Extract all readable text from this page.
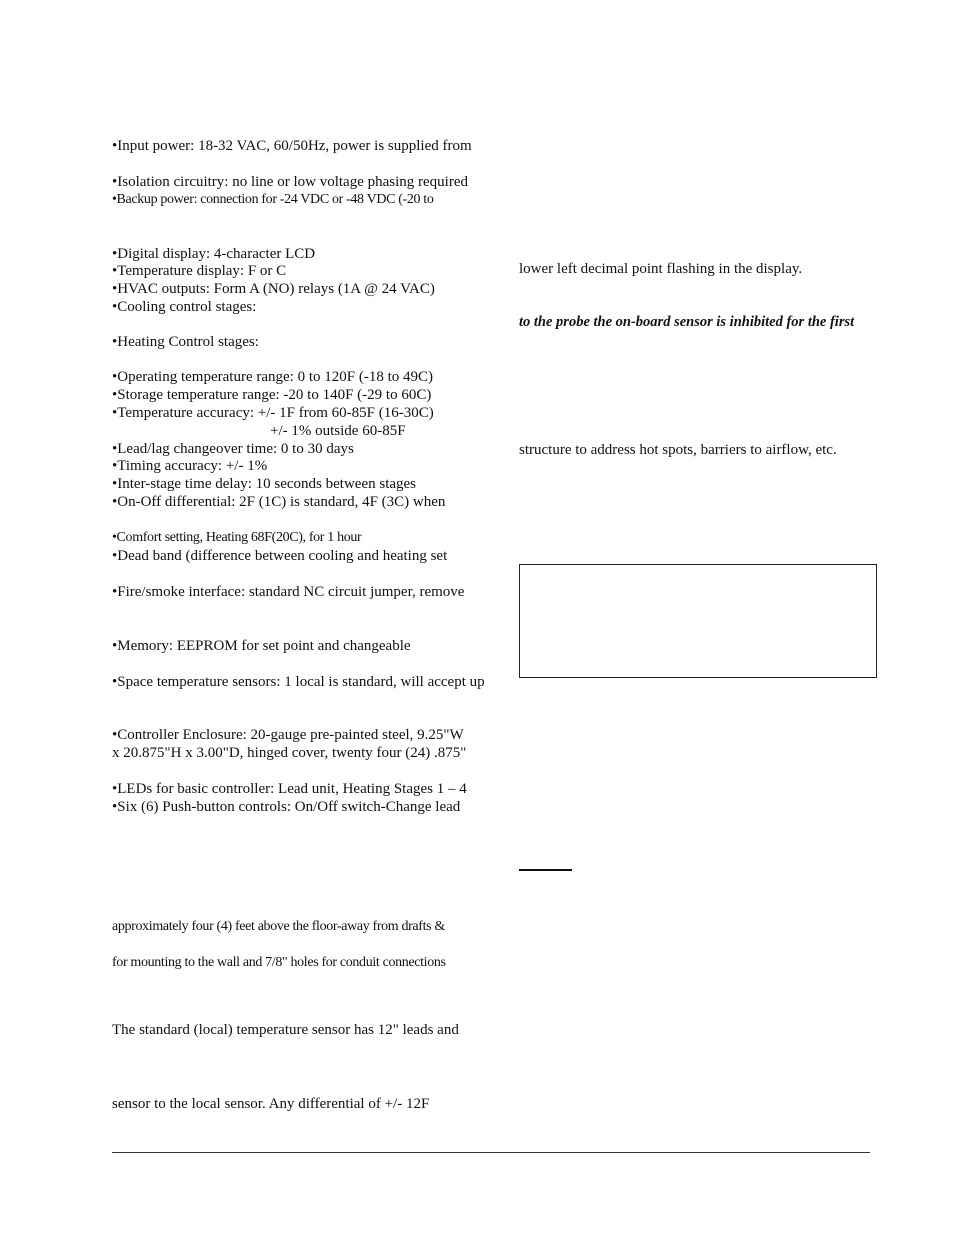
•Input power: 18-32 VAC, 60/50Hz, power is supplied from
•Isolation circuitry: no line or low voltage phasing required
•Backup power: connection for -24 VDC or -48 VDC (-20 to
•Digital display: 4-character LCD
•Temperature display: F or C
•HVAC outputs: Form A (NO) relays (1A @ 24 VAC)
•Cooling control stages:
•Heating Control stages:
•Operating temperature range: 0 to 120F (-18 to 49C)
•Storage temperature range: -20 to 140F (-29 to 60C)
•Temperature accuracy: +/- 1F from 60-85F (16-30C)
+/- 1% outside 60-85F
•Lead/lag changeover time: 0 to 30 days
•Timing accuracy: +/- 1%
•Inter-stage time delay: 10 seconds between stages
•On-Off differential: 2F (1C) is standard, 4F (3C) when
•Comfort setting, Heating 68F(20C), for 1 hour
•Dead band (difference between cooling and heating set
•Fire/smoke interface: standard NC circuit jumper, remove
•Memory: EEPROM for set point and changeable
•Space temperature sensors: 1 local is standard, will accept up
•Controller Enclosure: 20-gauge pre-painted steel, 9.25"W
x 20.875"H x 3.00"D, hinged cover, twenty four (24) .875"
•LEDs for basic controller: Lead unit, Heating Stages 1 – 4
•Six (6) Push-button controls: On/Off switch-Change lead
approximately four (4) feet above the floor-away from drafts &
for mounting to the wall and 7/8" holes for conduit connections
The standard (local) temperature sensor has 12" leads and
sensor to the local sensor. Any differential of +/- 12F
lower left decimal point flashing in the display.
to the probe the on-board sensor is inhibited for the first
structure to address hot spots, barriers to airflow, etc.
